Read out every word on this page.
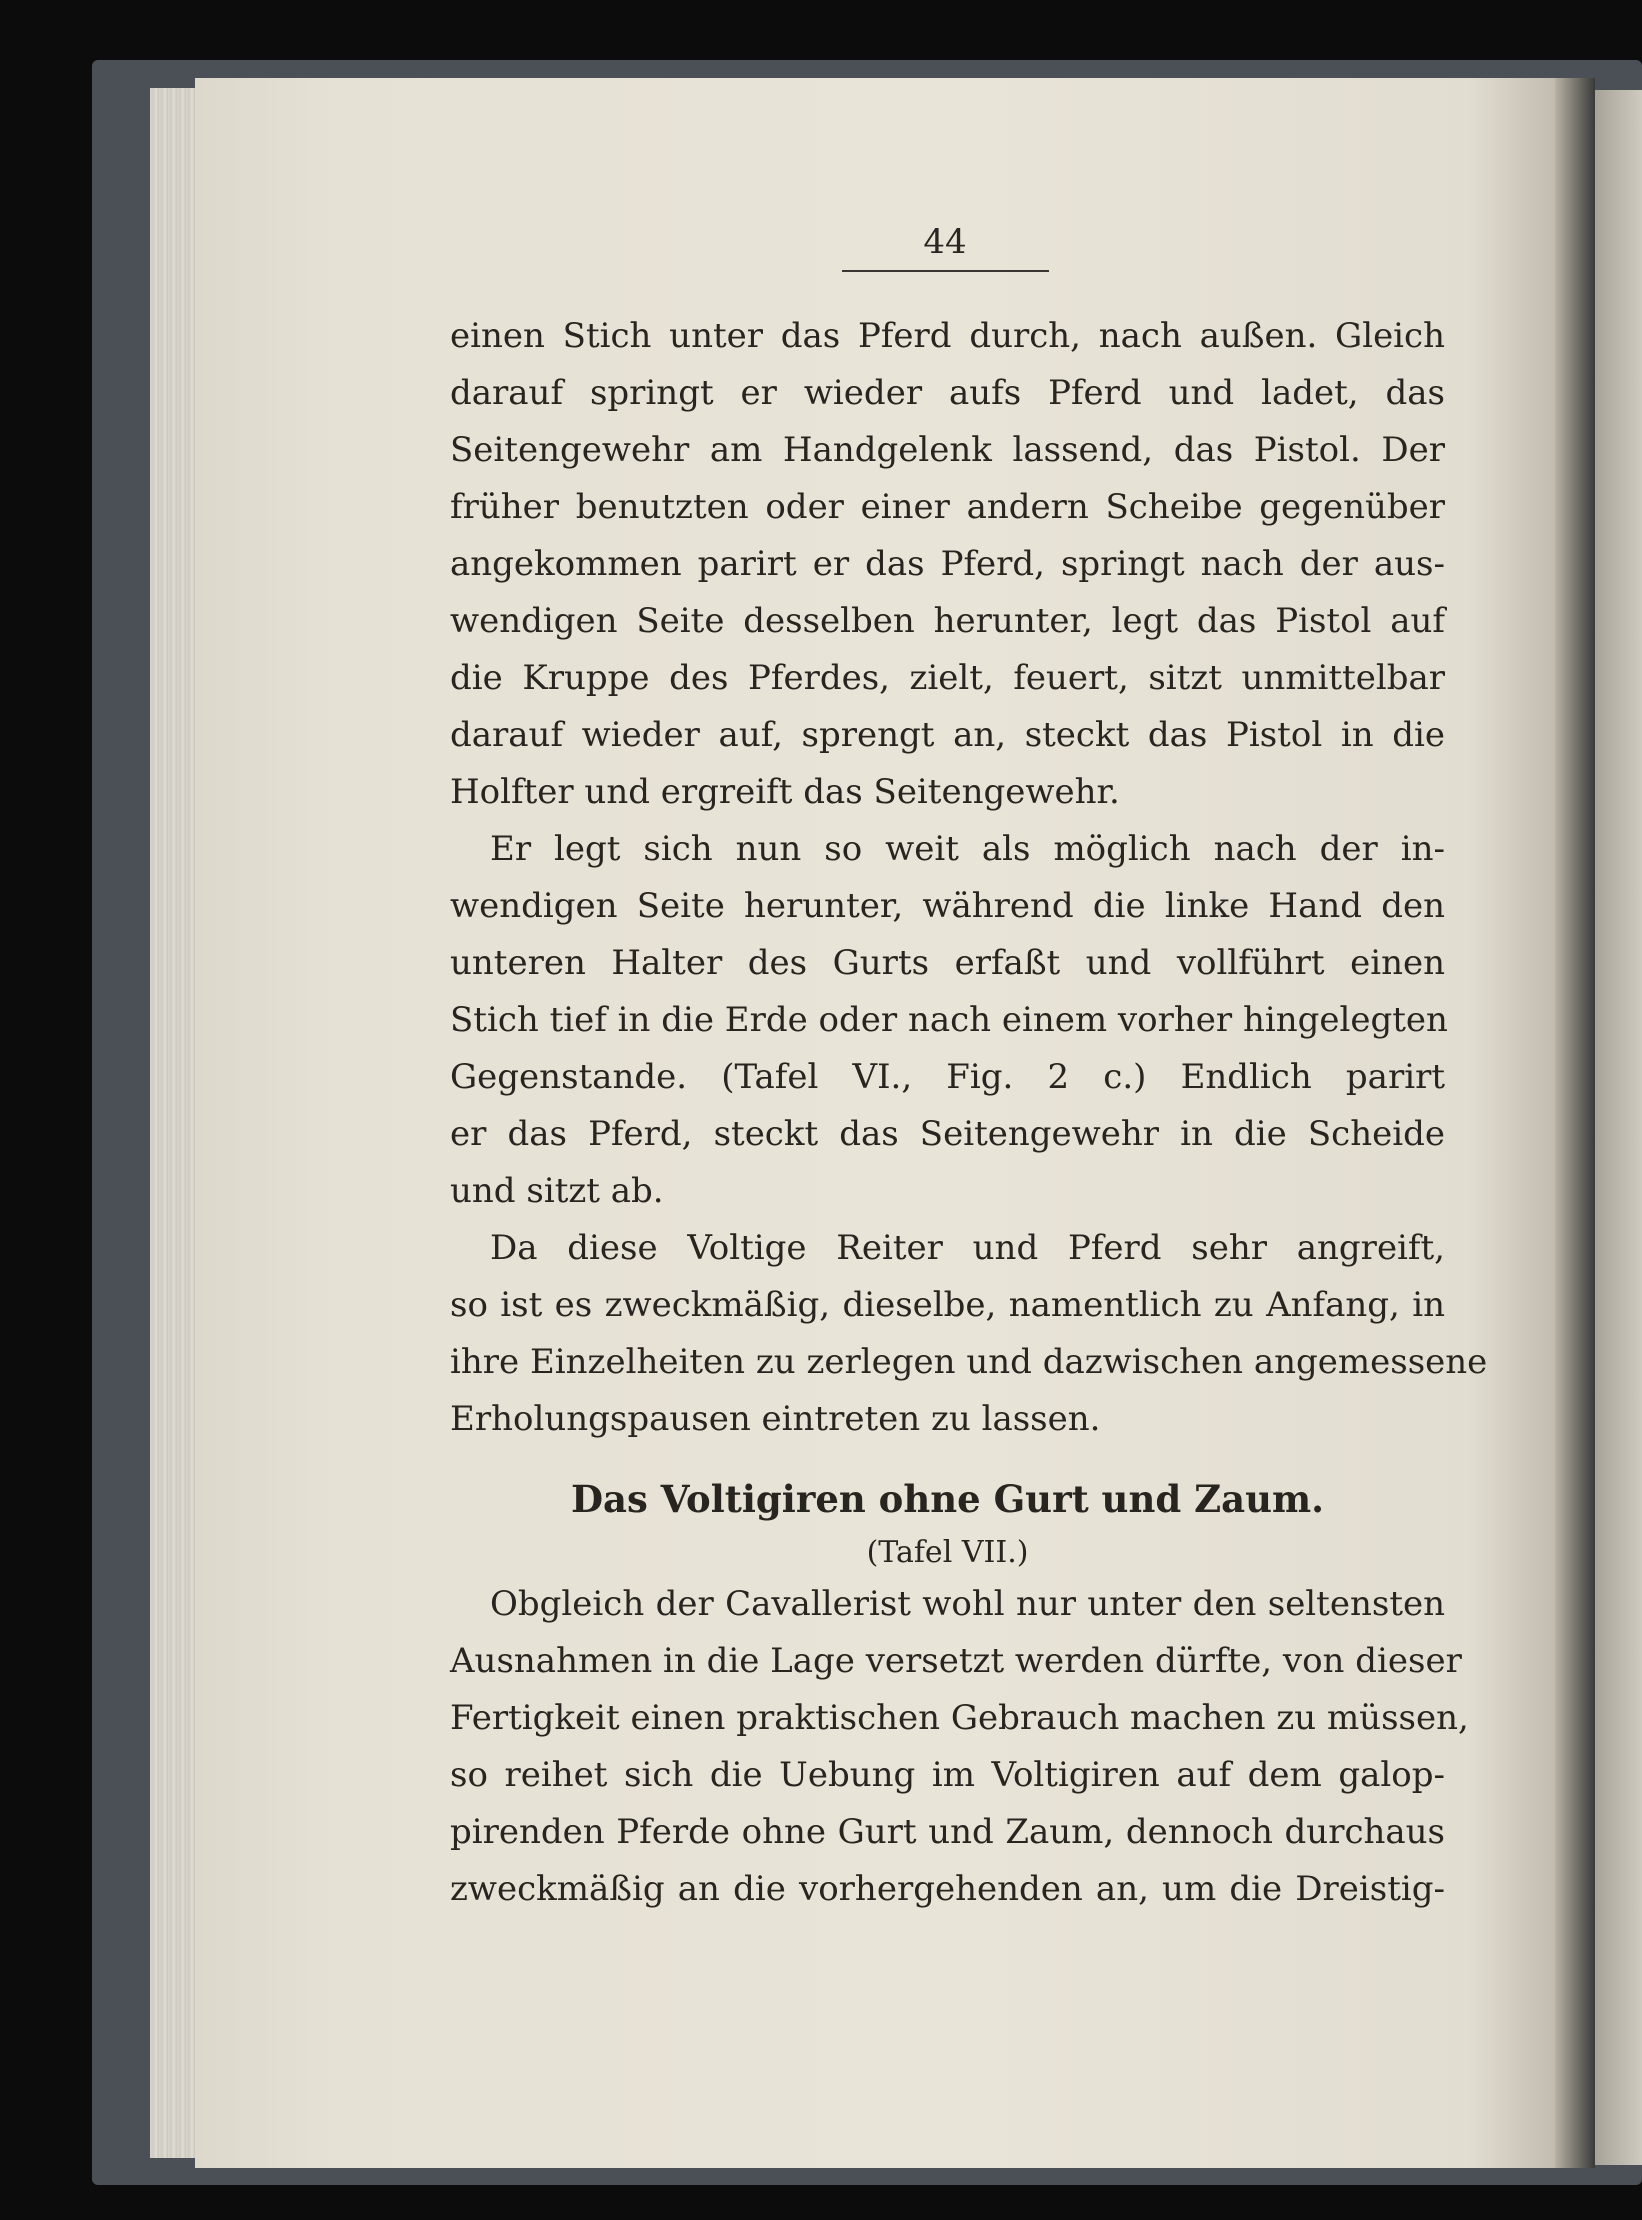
44
einen Stich unter das Pferd durch, nach außen. Gleich
darauf springt er wieder aufs Pferd und ladet, das
Seitengewehr am Handgelenk lassend, das Pistol. Der
früher benutzten oder einer andern Scheibe gegenüber
angekommen parirt er das Pferd, springt nach der aus-
wendigen Seite desselben herunter, legt das Pistol auf
die Kruppe des Pferdes, zielt, feuert, sitzt unmittelbar
darauf wieder auf, sprengt an, steckt das Pistol in die
Holfter und ergreift das Seitengewehr.
Er legt sich nun so weit als möglich nach der in-
wendigen Seite herunter, während die linke Hand den
unteren Halter des Gurts erfaßt und vollführt einen
Stich tief in die Erde oder nach einem vorher hingelegten
Gegenstande. (Tafel VI., Fig. 2 c.) Endlich parirt
er das Pferd, steckt das Seitengewehr in die Scheide
und sitzt ab.
Da diese Voltige Reiter und Pferd sehr angreift,
so ist es zweckmäßig, dieselbe, namentlich zu Anfang, in
ihre Einzelheiten zu zerlegen und dazwischen angemessene
Erholungspausen eintreten zu lassen.
Das Voltigiren ohne Gurt und Zaum.
(Tafel VII.)
Obgleich der Cavallerist wohl nur unter den seltensten
Ausnahmen in die Lage versetzt werden dürfte, von dieser
Fertigkeit einen praktischen Gebrauch machen zu müssen,
so reihet sich die Uebung im Voltigiren auf dem galop-
pirenden Pferde ohne Gurt und Zaum, dennoch durchaus
zweckmäßig an die vorhergehenden an, um die Dreistig-
